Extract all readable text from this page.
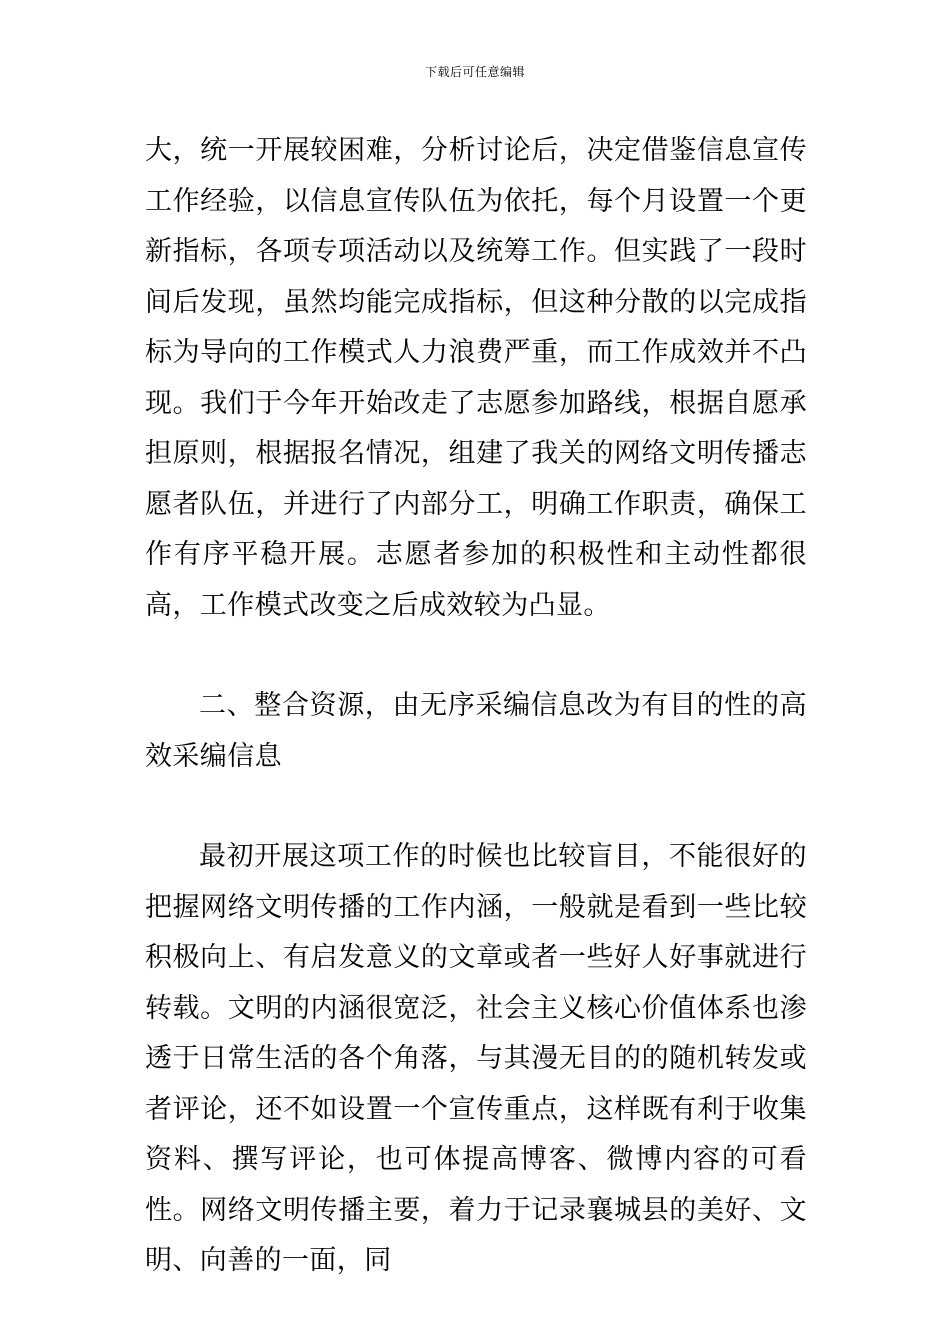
下载后可任意编辑

大，统一开展较困难，分析讨论后，决定借鉴信息宣传工作经验，以信息宣传队伍为依托，每个月设置一个更新指标，各项专项活动以及统筹工作。但实践了一段时间后发现，虽然均能完成指标，但这种分散的以完成指标为导向的工作模式人力浪费严重，而工作成效并不凸现。我们于今年开始改走了志愿参加路线，根据自愿承担原则，根据报名情况，组建了我关的网络文明传播志愿者队伍，并进行了内部分工，明确工作职责，确保工作有序平稳开展。志愿者参加的积极性和主动性都很高，工作模式改变之后成效较为凸显。

二、整合资源，由无序采编信息改为有目的性的高效采编信息

最初开展这项工作的时候也比较盲目，不能很好的把握网络文明传播的工作内涵，一般就是看到一些比较积极向上、有启发意义的文章或者一些好人好事就进行转载。文明的内涵很宽泛，社会主义核心价值体系也渗透于日常生活的各个角落，与其漫无目的的随机转发或者评论，还不如设置一个宣传重点，这样既有利于收集资料、撰写评论，也可体提高博客、微博内容的可看性。网络文明传播主要，着力于记录襄城县的美好、文明、向善的一面，同
